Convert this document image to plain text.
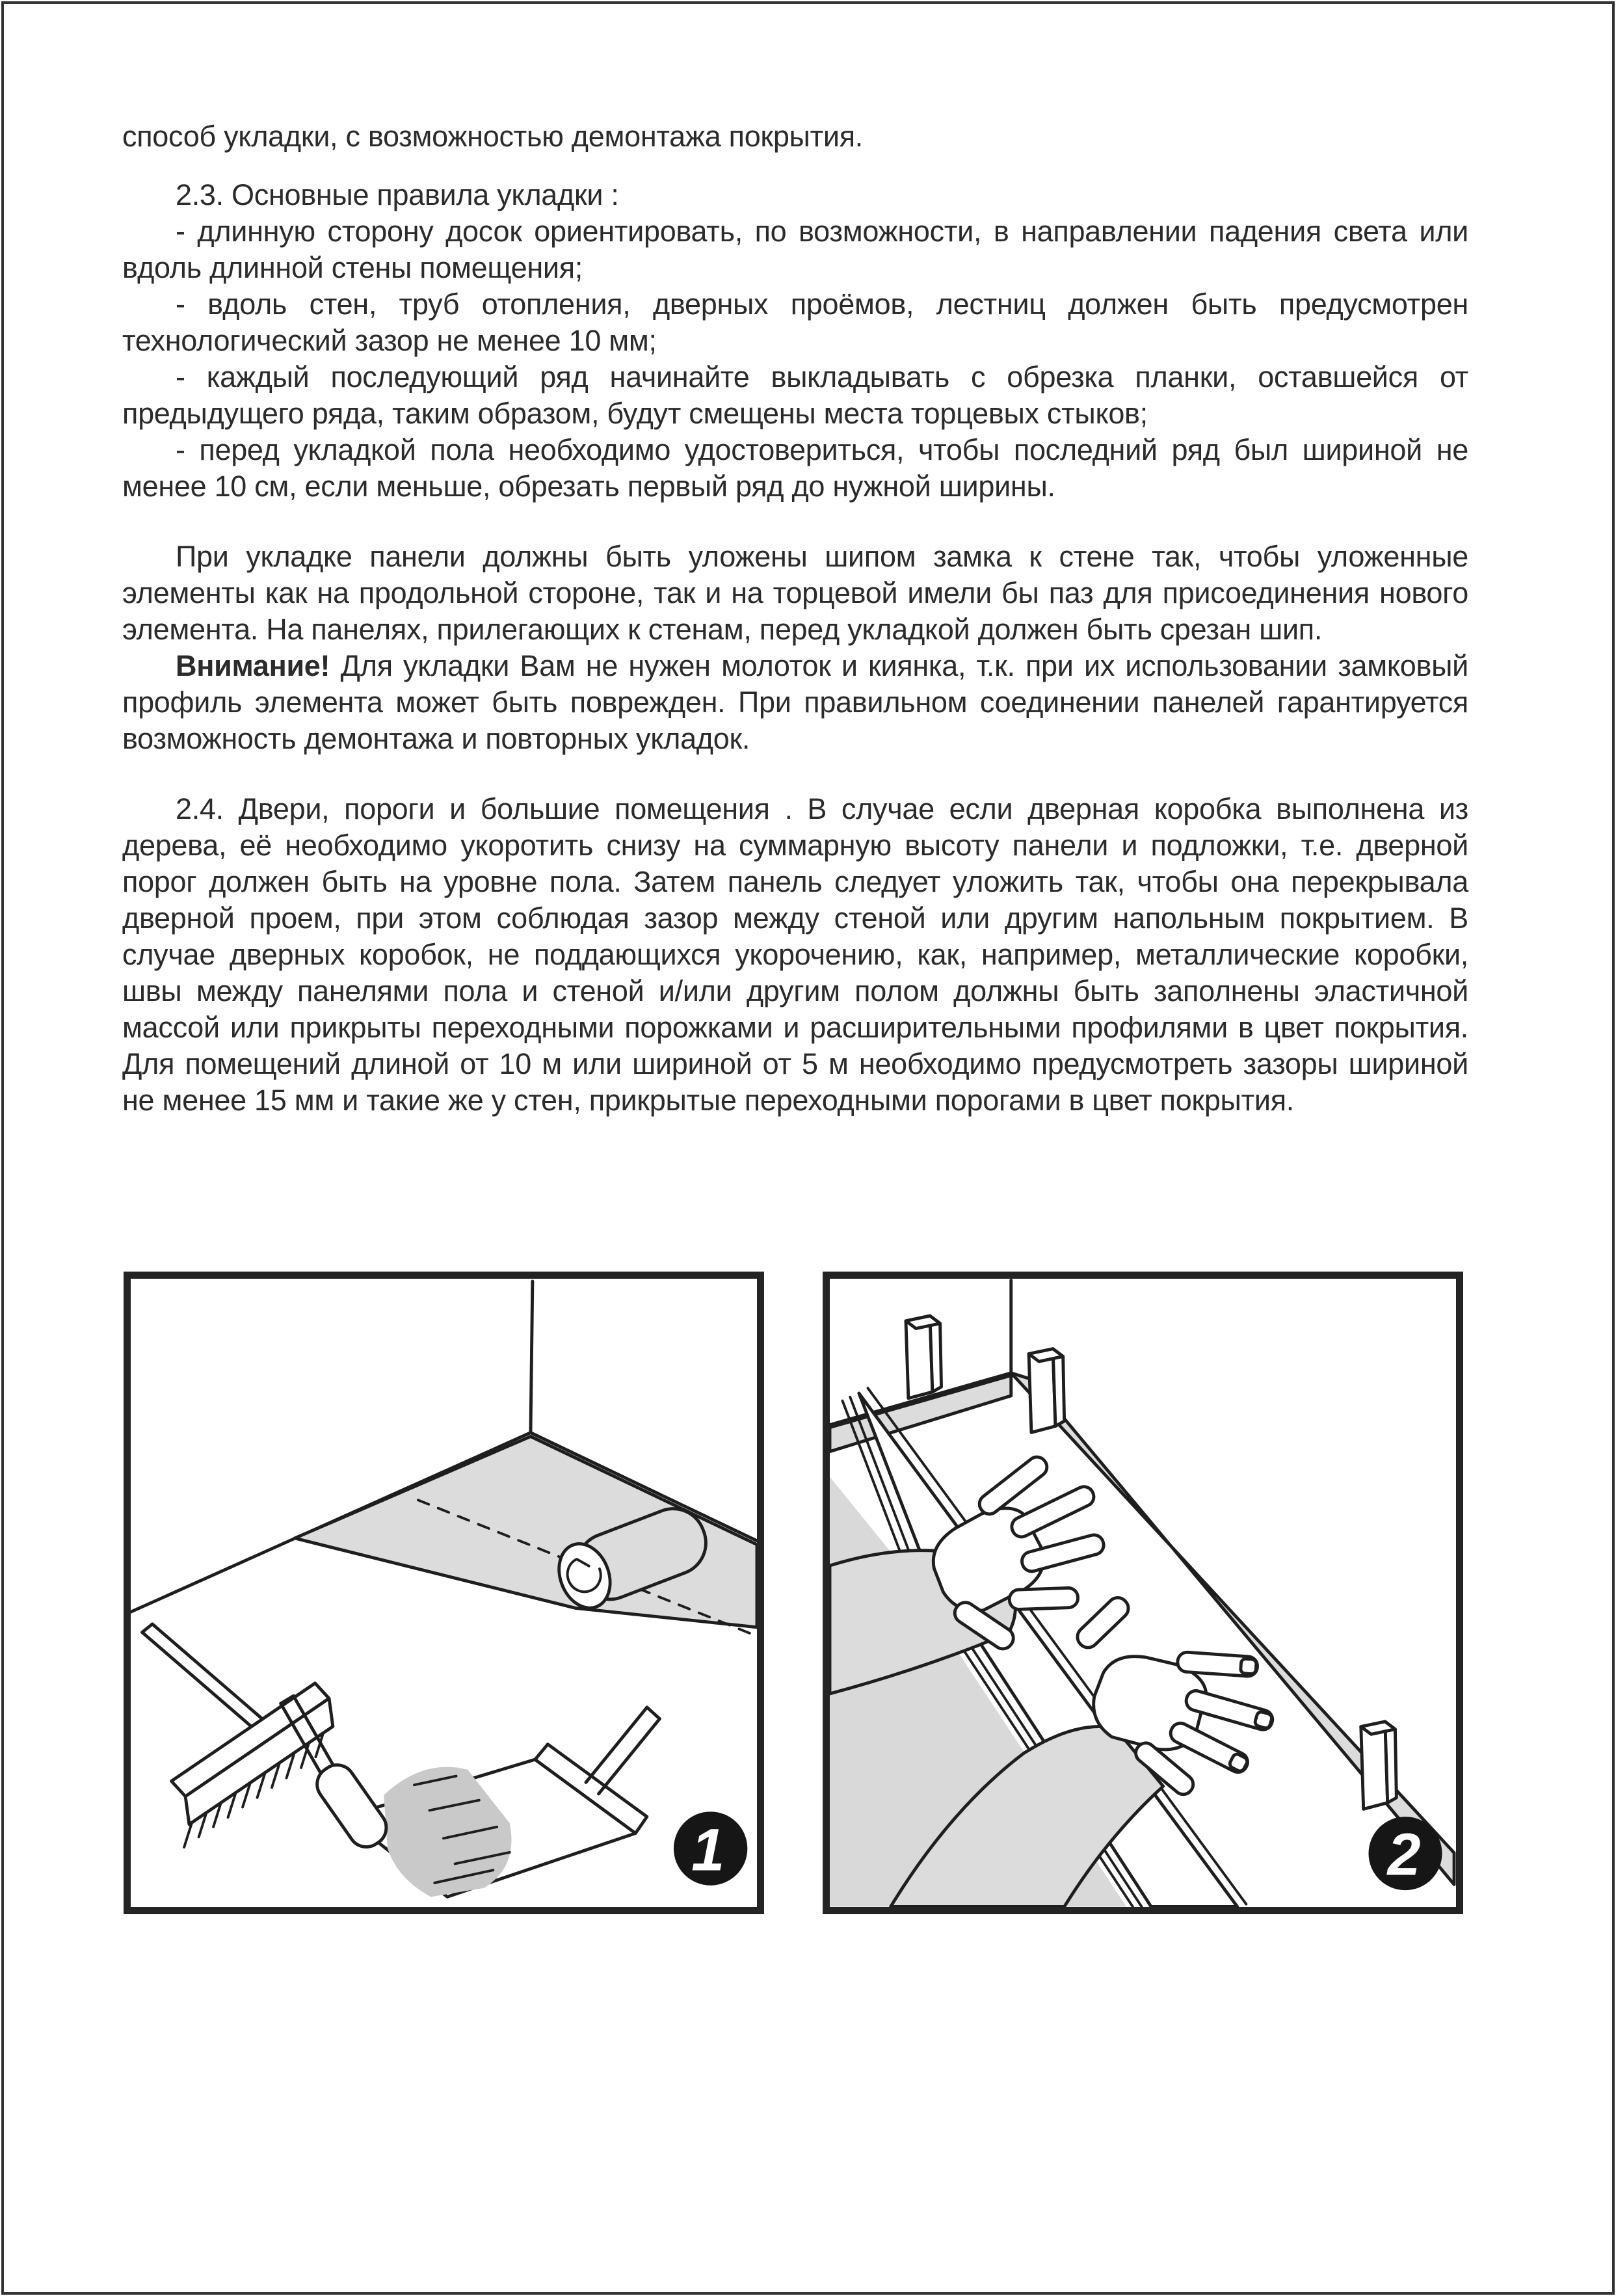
способ укладки, с возможностью демонтажа покрытия.

2.3. Основные правила укладки :

- длинную сторону досок ориентировать, по возможности, в направлении падения света или вдоль длинной стены помещения;

- вдоль стен, труб отопления, дверных проёмов, лестниц должен быть предусмотрен технологический зазор не менее 10 мм;

- каждый последующий ряд начинайте выкладывать с обрезка планки, оставшейся от предыдущего ряда, таким образом, будут смещены места торцевых стыков;

- перед укладкой пола необходимо удостовериться, чтобы последний ряд был шириной не менее 10 см, если меньше, обрезать первый ряд до нужной ширины.

При укладке панели должны быть уложены шипом замка к стене так, чтобы уложенные элементы как на продольной стороне, так и на торцевой имели бы паз для присоединения нового элемента. На панелях, прилегающих к стенам, перед укладкой должен быть срезан шип.

Внимание! Для укладки Вам не нужен молоток и киянка, т.к. при их использовании замковый профиль элемента может быть поврежден. При правильном соединении панелей гарантируется возможность демонтажа и повторных укладок.

2.4. Двери, пороги и большие помещения . В случае если дверная коробка выполнена из дерева, её необходимо укоротить снизу на суммарную высоту панели и подложки, т.е. дверной порог должен быть на уровне пола. Затем панель следует уложить так, чтобы она перекрывала дверной проем, при этом соблюдая зазор между стеной или другим напольным покрытием. В случае дверных коробок, не поддающихся укорочению, как, например, металлические коробки, швы между панелями пола и стеной и/или другим полом должны быть заполнены эластичной массой или прикрыты переходными порожками и расширительными профилями в цвет покрытия. Для помещений длиной от 10 м или шириной от 5 м необходимо предусмотреть зазоры шириной не менее 15 мм и такие же у стен, прикрытые переходными порогами в цвет покрытия.

1	2
